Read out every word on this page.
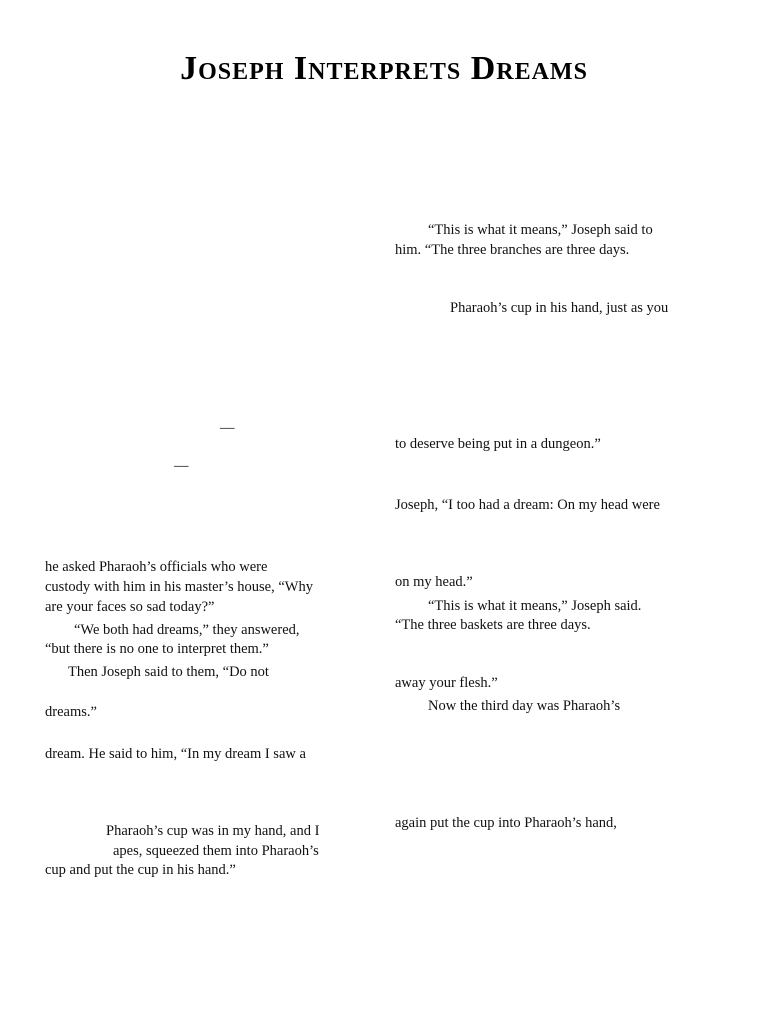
Joseph Interprets Dreams
—
—
he asked Pharaoh’s officials who were
custody with him in his master’s house, “Why
are your faces so sad today?”
“We both had dreams,” they answered,
“but there is no one to interpret them.”
Then Joseph said to them, “Do not
dreams.”
dream. He said to him, “In my dream I saw a
Pharaoh’s cup was in my hand, and I
apes, squeezed them into Pharaoh’s
cup and put the cup in his hand.”
“This is what it means,” Joseph said to
him. “The three branches are three days.
Pharaoh’s cup in his hand, just as you
to deserve being put in a dungeon.”
Joseph, “I too had a dream: On my head were
on my head.”
“This is what it means,” Joseph said.
“The three baskets are three days.
away your flesh.”
Now the third day was Pharaoh’s
again put the cup into Pharaoh’s hand,
